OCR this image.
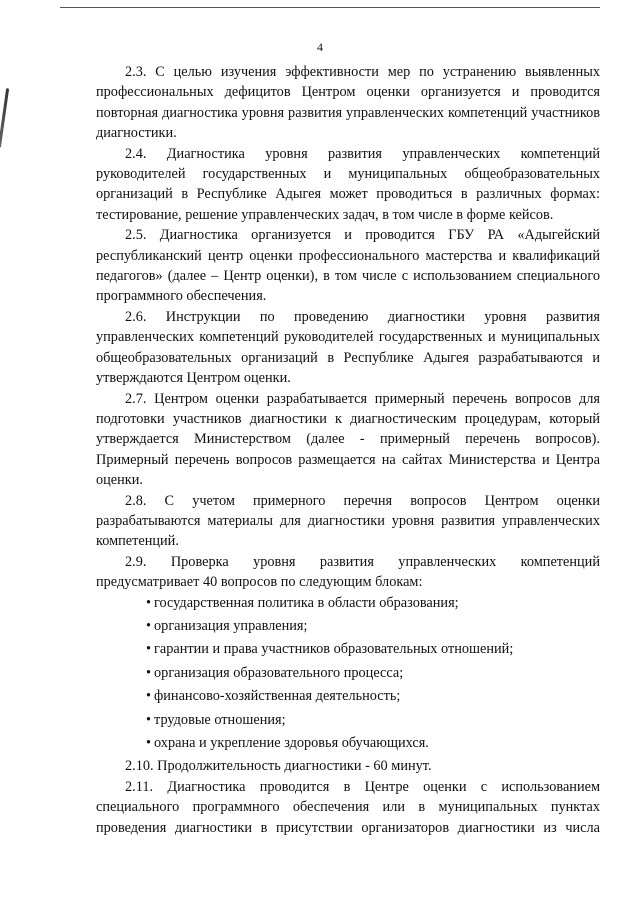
4

2.3. С целью изучения эффективности мер по устранению выявленных профессиональных дефицитов Центром оценки организуется и проводится повторная диагностика уровня развития управленческих компетенций участников диагностики.

2.4. Диагностика уровня развития управленческих компетенций руководителей государственных и муниципальных общеобразовательных организаций в Республике Адыгея может проводиться в различных формах: тестирование, решение управленческих задач, в том числе в форме кейсов.

2.5. Диагностика организуется и проводится ГБУ РА «Адыгейский республиканский центр оценки профессионального мастерства и квалификаций педагогов» (далее – Центр оценки), в том числе с использованием специального программного обеспечения.

2.6. Инструкции по проведению диагностики уровня развития управленческих компетенций руководителей государственных и муниципальных общеобразовательных организаций в Республике Адыгея разрабатываются и утверждаются Центром оценки.

2.7. Центром оценки разрабатывается примерный перечень вопросов для подготовки участников диагностики к диагностическим процедурам, который утверждается Министерством (далее - примерный перечень вопросов). Примерный перечень вопросов размещается на сайтах Министерства и Центра оценки.

2.8. С учетом примерного перечня вопросов Центром оценки разрабатываются материалы для диагностики уровня развития управленческих компетенций.

2.9. Проверка уровня развития управленческих компетенций предусматривает 40 вопросов по следующим блокам:

• государственная политика в области образования;
• организация управления;
• гарантии и права участников образовательных отношений;
• организация образовательного процесса;
• финансово-хозяйственная деятельность;
• трудовые отношения;
• охрана и укрепление здоровья обучающихся.

2.10. Продолжительность диагностики - 60 минут.

2.11. Диагностика проводится в Центре оценки с использованием специального программного обеспечения или в муниципальных пунктах проведения диагностики в присутствии организаторов диагностики из числа
